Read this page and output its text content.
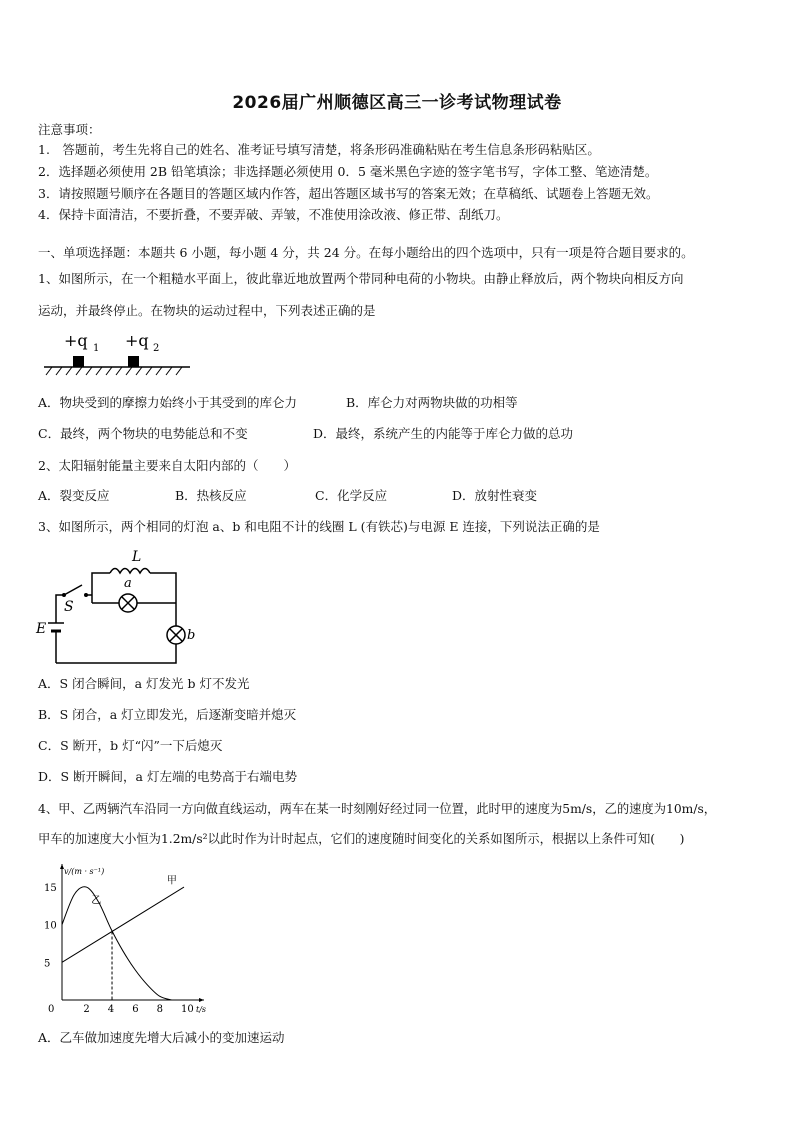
2026届广州顺德区高三一诊考试物理试卷
注意事项：
1.　答题前，考生先将自己的姓名、准考证号填写清楚，将条形码准确粘贴在考生信息条形码粘贴区。
2．选择题必须使用 2B 铅笔填涂；非选择题必须使用 0．5 毫米黑色字迹的签字笔书写，字体工整、笔迹清楚。
3．请按照题号顺序在各题目的答题区域内作答，超出答题区域书写的答案无效；在草稿纸、试题卷上答题无效。
4．保持卡面清洁，不要折叠，不要弄破、弄皱，不准使用涂改液、修正带、刮纸刀。
一、单项选择题：本题共 6 小题，每小题 4 分，共 24 分。在每小题给出的四个选项中，只有一项是符合题目要求的。
1、如图所示，在一个粗糙水平面上，彼此靠近地放置两个带同种电荷的小物块。由静止释放后，两个物块向相反方向
运动，并最终停止。在物块的运动过程中，下列表述正确的是
+q 1 +q 2
A．物块受到的摩擦力始终小于其受到的库仑力	B．库仑力对两物块做的功相等
C．最终，两个物块的电势能总和不变	D．最终，系统产生的内能等于库仑力做的总功
2、太阳辐射能量主要来自太阳内部的（　　）
A．裂变反应	B．热核反应	C．化学反应	D．放射性衰变
3、如图所示，两个相同的灯泡 a、b 和电阻不计的线圈 L (有铁芯)与电源 E 连接，下列说法正确的是
L
a
b
S
E
A．S 闭合瞬间，a 灯发光 b 灯不发光
B．S 闭合，a 灯立即发光，后逐渐变暗并熄灭
C．S 断开，b 灯“闪”一下后熄灭
D．S 断开瞬间，a 灯左端的电势高于右端电势
4、甲、乙两辆汽车沿同一方向做直线运动，两车在某一时刻刚好经过同一位置，此时甲的速度为5m/s，乙的速度为10m/s，
甲车的加速度大小恒为1.2m/s²以此时作为计时起点，它们的速度随时间变化的关系如图所示，根据以上条件可知(　　)
v/(m · s⁻¹)
t/s
0	2 4 6 8 10
5
10
15
甲
乙
A．乙车做加速度先增大后减小的变加速运动
